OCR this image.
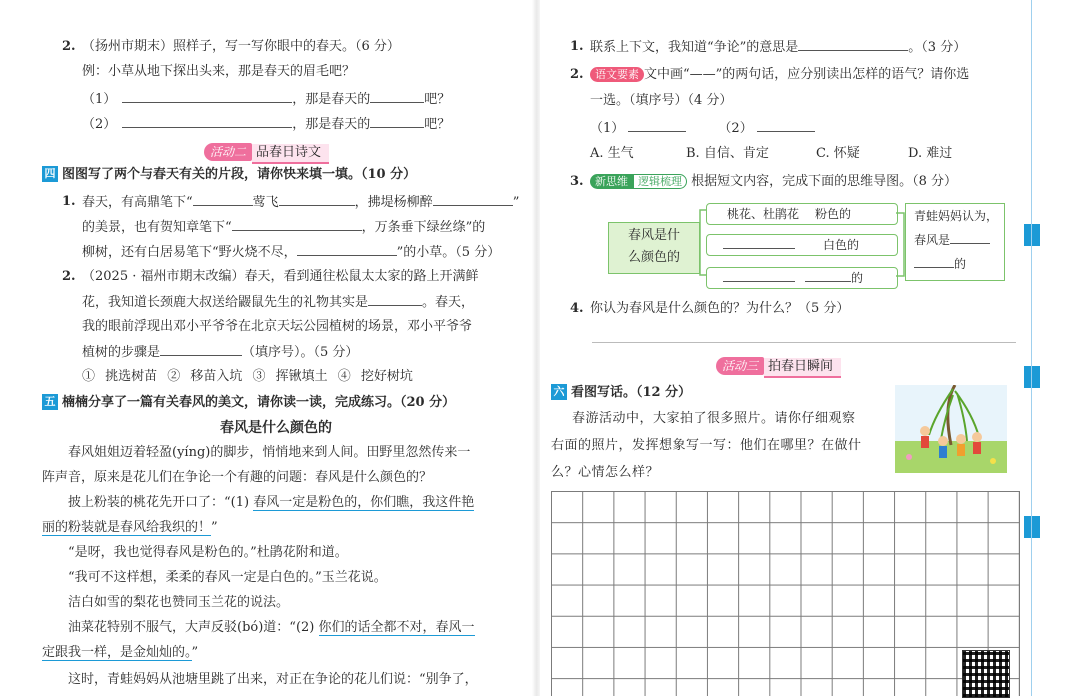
2. （扬州市期末）照样子，写一写你眼中的春天。（6 分）
例：小草从地下探出头来，那是春天的眉毛吧？
（1）	，那是春天的	吧？
（2）	，那是春天的	吧？
活动二 品春日诗文
四 图图写了两个与春天有关的片段，请你快来填一填。（10 分）
1. 春天，有高鼎笔下“	莺飞	，拂堤杨柳醉	”
的美景，也有贺知章笔下“	，万条垂下绿丝绦”的
柳树，还有白居易笔下“野火烧不尽，	”的小草。（5 分）
2. （2025 · 福州市期末改编）春天，看到通往松鼠太太家的路上开满鲜
花，我知道长颈鹿大叔送给鼹鼠先生的礼物其实是	。春天，
我的眼前浮现出邓小平爷爷在北京天坛公园植树的场景，邓小平爷爷
植树的步骤是	（填序号）。（5 分）
① 挑选树苗 ② 移苗入坑 ③ 挥锹填土 ④ 挖好树坑
五 楠楠分享了一篇有关春风的美文，请你读一读，完成练习。（20 分）
春风是什么颜色的
春风姐姐迈着轻盈(yíng)的脚步，悄悄地来到人间。田野里忽然传来一
阵声音，原来是花儿们在争论一个有趣的问题：春风是什么颜色的？
披上粉装的桃花先开口了：“(1) 春风一定是粉色的，你们瞧，我这件艳
丽的粉装就是春风给我织的！”
“是呀，我也觉得春风是粉色的。”杜鹃花附和道。
“我可不这样想，柔柔的春风一定是白色的。”玉兰花说。
洁白如雪的梨花也赞同玉兰花的说法。
油菜花特别不服气，大声反驳(bó)道：“(2) 你们的话全都不对，春风一
定跟我一样，是金灿灿的。”
这时，青蛙妈妈从池塘里跳了出来，对正在争论的花儿们说：“别争了，
1. 联系上下文，我知道“争论”的意思是	。（3 分）
2.	语文要素 文中画“——”的两句话，应分别读出怎样的语气？请你选
一选。（填序号）（4 分）
（1）	（2）
A. 生气	B. 自信、肯定	C. 怀疑	D. 难过
3.	新思维 逻辑梳理 根据短文内容，完成下面的思维导图。（8 分）
春风是什
么颜色的
桃花、杜鹃花 粉色的
白色的
的
青蛙妈妈认为，
春风是
的
4. 你认为春风是什么颜色的？为什么？（5 分）
活动三 拍春日瞬间
六 看图写话。（12 分）
春游活动中，大家拍了很多照片。请你仔细观察
右面的照片，发挥想象写一写：他们在哪里？在做什
么？心情怎么样？
